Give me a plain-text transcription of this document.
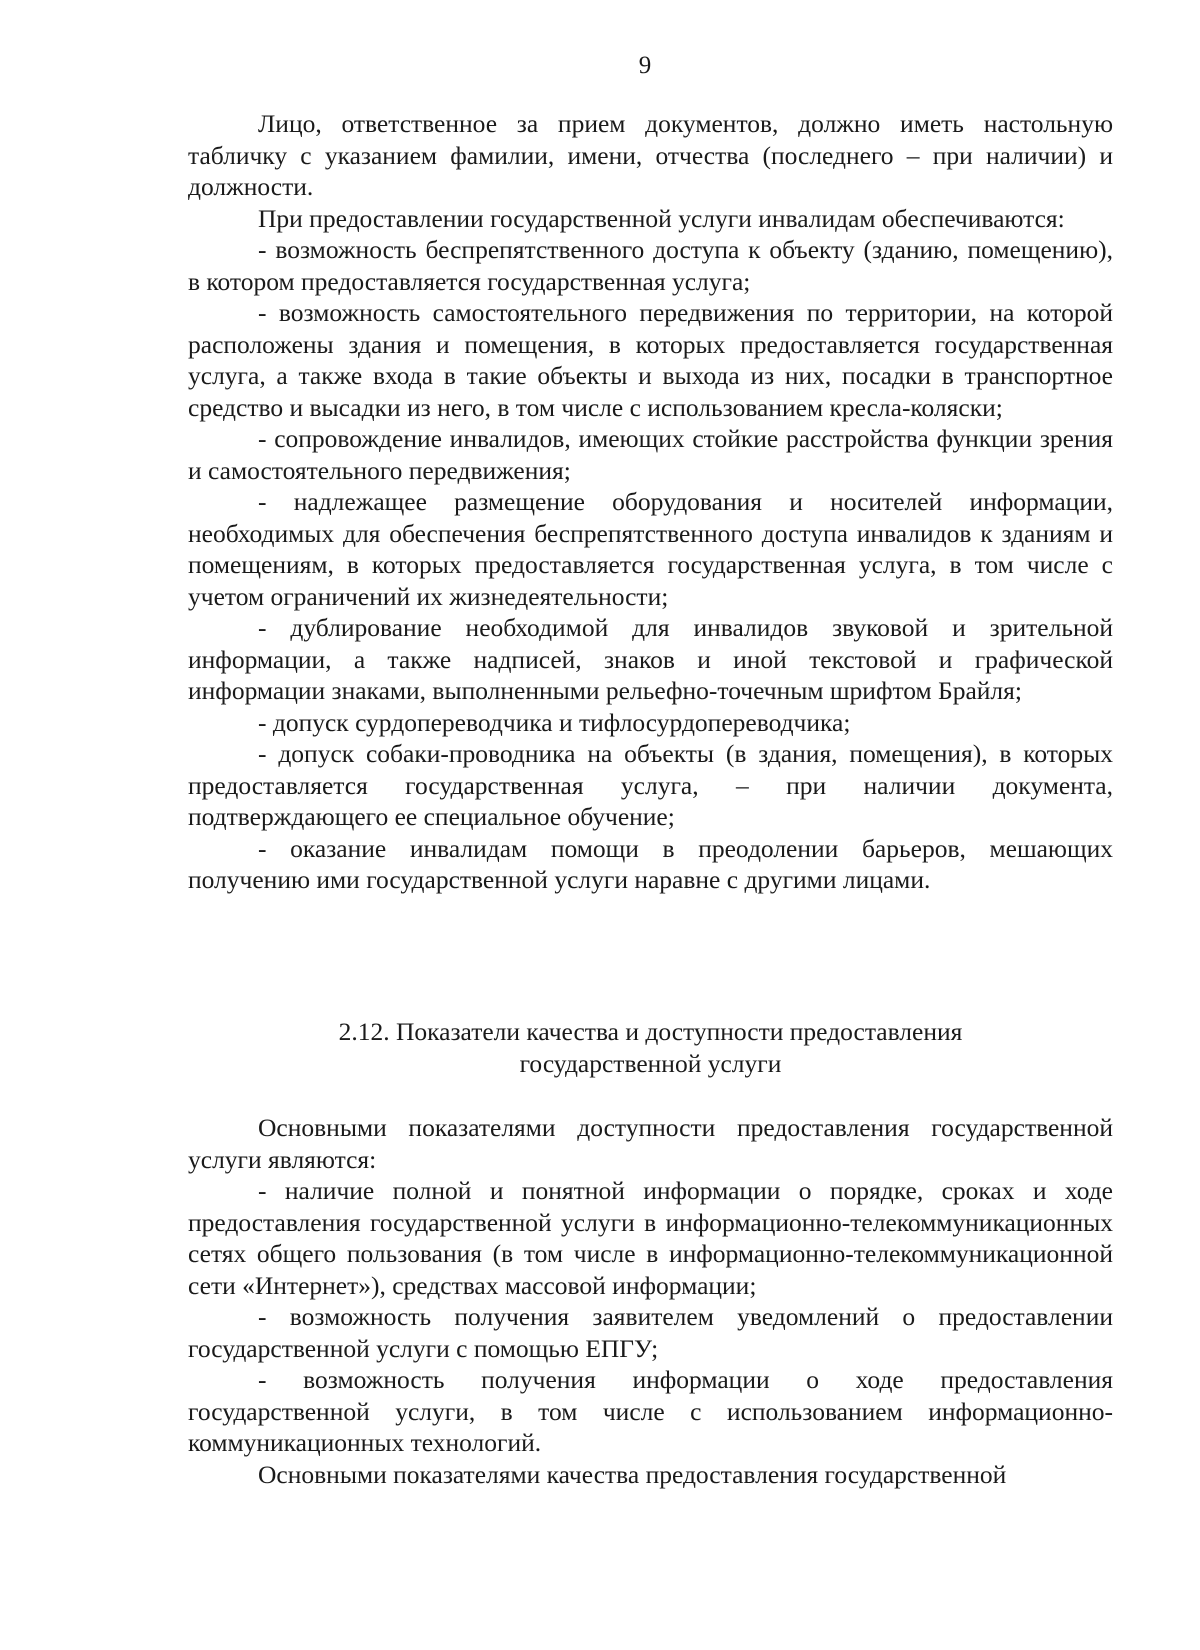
9

Лицо, ответственное за прием документов, должно иметь настольную табличку с указанием фамилии, имени, отчества (последнего – при наличии) и должности.

При предоставлении государственной услуги инвалидам обеспечиваются:

- возможность беспрепятственного доступа к объекту (зданию, помещению), в котором предоставляется государственная услуга;

- возможность самостоятельного передвижения по территории, на которой расположены здания и помещения, в которых предоставляется государственная услуга, а также входа в такие объекты и выхода из них, посадки в транспортное средство и высадки из него, в том числе с использованием кресла-коляски;

- сопровождение инвалидов, имеющих стойкие расстройства функции зрения и самостоятельного передвижения;

- надлежащее размещение оборудования и носителей информации, необходимых для обеспечения беспрепятственного доступа инвалидов к зданиям и помещениям, в которых предоставляется государственная услуга, в том числе с учетом ограничений их жизнедеятельности;

- дублирование необходимой для инвалидов звуковой и зрительной информации, а также надписей, знаков и иной текстовой и графической информации знаками, выполненными рельефно-точечным шрифтом Брайля;

- допуск сурдопереводчика и тифлосурдопереводчика;

- допуск собаки-проводника на объекты (в здания, помещения), в которых предоставляется государственная услуга, – при наличии документа, подтверждающего ее специальное обучение;

- оказание инвалидам помощи в преодолении барьеров, мешающих получению ими государственной услуги наравне с другими лицами.

2.12. Показатели качества и доступности предоставления
государственной услуги

Основными показателями доступности предоставления государственной услуги являются:

- наличие полной и понятной информации о порядке, сроках и ходе предоставления государственной услуги в информационно-телекоммуникационных сетях общего пользования (в том числе в информационно-телекоммуникационной сети «Интернет»), средствах массовой информации;

- возможность получения заявителем уведомлений о предоставлении государственной услуги с помощью ЕПГУ;

- возможность получения информации о ходе предоставления государственной услуги, в том числе с использованием информационно-коммуникационных технологий.

Основными показателями качества предоставления государственной
